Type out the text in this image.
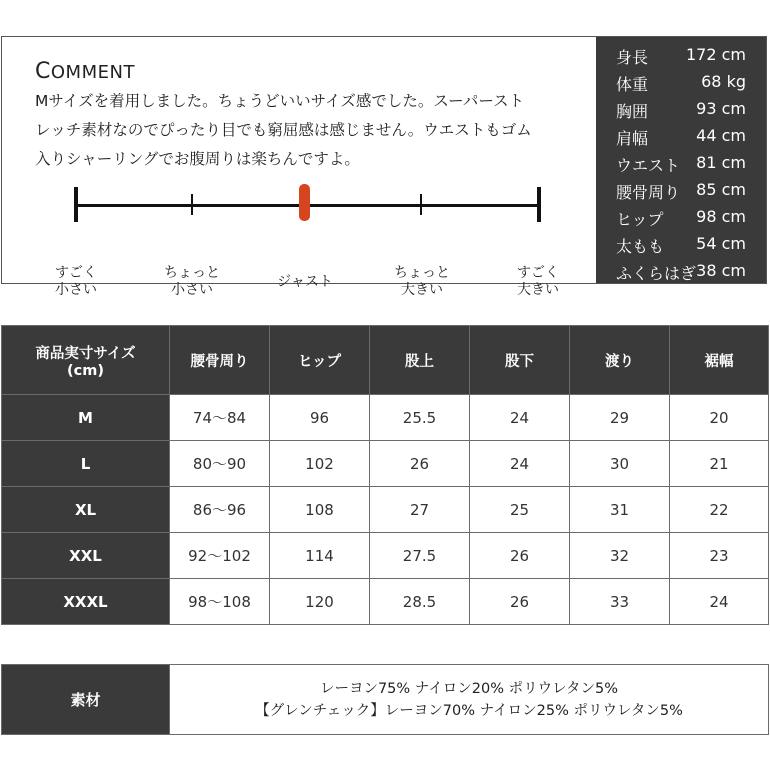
COMMENT
Mサイズを着用しました。ちょうどいいサイズ感でした。スーパースト
レッチ素材なのでぴったり目でも窮屈感は感じません。ウエストもゴム
入りシャーリングでお腹周りは楽ちんですよ。
すごく
小さい
ちょっと
小さい	ジャスト
ちょっと
大きい
すごく
大きい
身長 172 cm
体重	68 kg
胸囲	93 cm
肩幅	44 cm
ウエスト	81 cm
腰骨周り	85 cm
ヒップ	98 cm
太もも	54 cm
ふくらはぎ 38 cm
商品実寸サイズ
(cm)	腰骨周り	ヒップ	股上	股下	渡り	裾幅
M	74～84	96	25.5	24	29	20
L	80～90	102	26	24	30	21
XL	86～96	108	27	25	31	22
XXL	92～102	114	27.5	26	32	23
XXXL	98～108	120	28.5	26	33	24
素材	
レーヨン75% ナイロン20% ポリウレタン5%
【グレンチェック】レーヨン70% ナイロン25% ポリウレタン5%
